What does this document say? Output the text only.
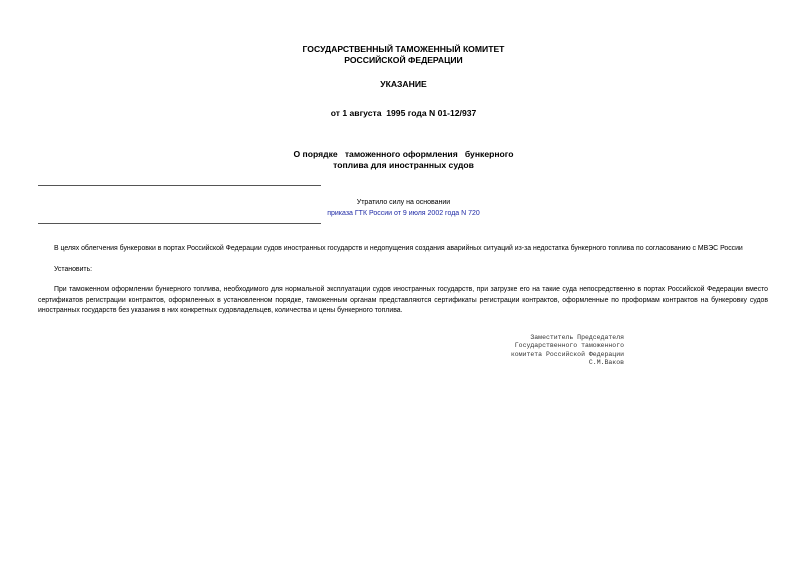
ГОСУДАРСТВЕННЫЙ ТАМОЖЕННЫЙ КОМИТЕТ
РОССИЙСКОЙ ФЕДЕРАЦИИ
УКАЗАНИЕ
от 1 августа  1995 года N 01-12/937
О порядке   таможенного оформления   бункерного
топлива для иностранных судов
Утратило силу на основании
приказа ГТК России от 9 июля 2002 года N 720
В целях облегчения бункеровки в портах Российской Федерации судов иностранных государств и недопущения создания аварийных ситуаций из-за недостатка бункерного топлива по согласованию с МВЭС России
Установить:
При таможенном оформлении бункерного топлива, необходимого для нормальной эксплуатации судов иностранных государств, при загрузке его на такие суда непосредственно в портах Российской Федерации вместо сертификатов регистрации контрактов, оформленных в установленном порядке, таможенным органам представляются сертификаты регистрации контрактов, оформленные по проформам контрактов на бункеровку судов иностранных государств без указания в них конкретных судовладельцев, количества и цены бункерного топлива.
Заместитель Председателя
Государственного таможенного
комитета Российской Федерации
С.М.Ваков
